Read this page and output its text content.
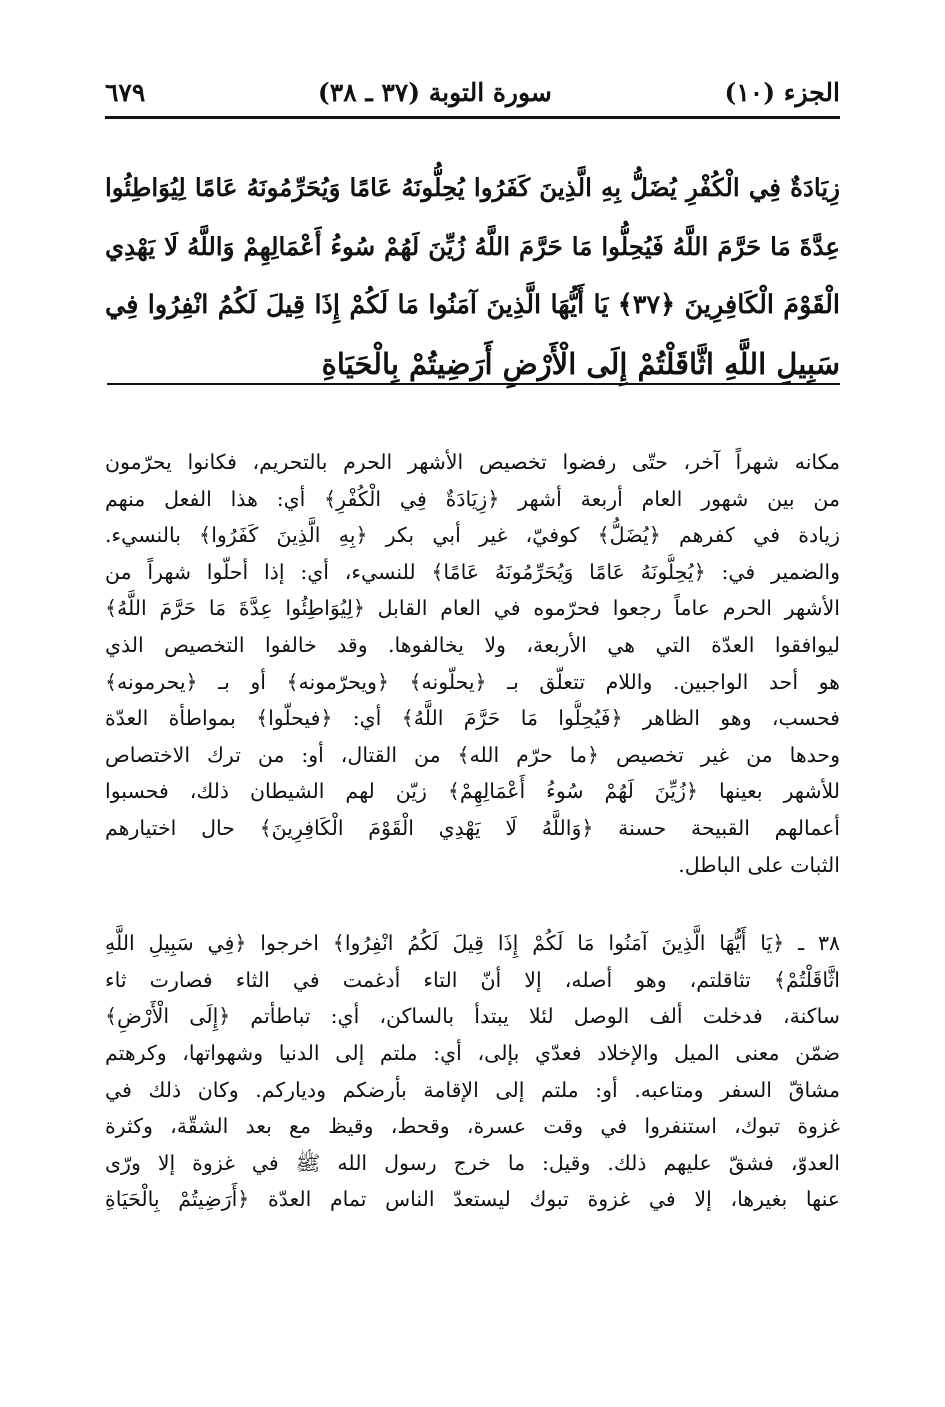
الجزء (١٠)
سورة التوبة (٣٧ ـ ٣٨)
٦٧٩
زِيَادَةٌ فِي الْكُفْرِ يُضَلُّ بِهِ الَّذِينَ كَفَرُوا يُحِلُّونَهُ عَامًا وَيُحَرِّمُونَهُ عَامًا لِيُوَاطِئُوا
عِدَّةَ مَا حَرَّمَ اللَّهُ فَيُحِلُّوا مَا حَرَّمَ اللَّهُ زُيِّنَ لَهُمْ سُوءُ أَعْمَالِهِمْ وَاللَّهُ لَا يَهْدِي
الْقَوْمَ الْكَافِرِينَ ﴿٣٧﴾ يَا أَيُّهَا الَّذِينَ آمَنُوا مَا لَكُمْ إِذَا قِيلَ لَكُمُ انْفِرُوا فِي
سَبِيلِ اللَّهِ اثَّاقَلْتُمْ إِلَى الْأَرْضِ أَرَضِيتُمْ بِالْحَيَاةِ
مكانه شهراً آخر، حتّى رفضوا تخصيص الأشهر الحرم بالتحريم، فكانوا يحرّمون
من بين شهور العام أربعة أشهر ﴿زِيَادَةٌ فِي الْكُفْرِ﴾ أي: هذا الفعل منهم
زيادة في كفرهم ﴿يُضَلُّ﴾ كوفيّ، غير أبي بكر ﴿بِهِ الَّذِينَ كَفَرُوا﴾ بالنسيء.
والضمير في: ﴿يُحِلُّونَهُ عَامًا وَيُحَرِّمُونَهُ عَامًا﴾ للنسيء، أي: إذا أحلّوا شهراً من
الأشهر الحرم عاماً رجعوا فحرّموه في العام القابل ﴿لِيُوَاطِئُوا عِدَّةَ مَا حَرَّمَ اللَّهُ﴾
ليوافقوا العدّة التي هي الأربعة، ولا يخالفوها. وقد خالفوا التخصيص الذي
هو أحد الواجبين. واللام تتعلّق بـ ﴿يحلّونه﴾ ﴿ويحرّمونه﴾ أو بـ ﴿يحرمونه﴾
فحسب، وهو الظاهر ﴿فَيُحِلُّوا مَا حَرَّمَ اللَّهُ﴾ أي: ﴿فيحلّوا﴾ بمواطأة العدّة
وحدها من غير تخصيص ﴿ما حرّم الله﴾ من القتال، أو: من ترك الاختصاص
للأشهر بعينها ﴿زُيِّنَ لَهُمْ سُوءُ أَعْمَالِهِمْ﴾ زيّن لهم الشيطان ذلك، فحسبوا
أعمالهم القبيحة حسنة ﴿وَاللَّهُ لَا يَهْدِي الْقَوْمَ الْكَافِرِينَ﴾ حال اختيارهم
الثبات على الباطل.
٣٨ ـ ﴿يَا أَيُّهَا الَّذِينَ آمَنُوا مَا لَكُمْ إِذَا قِيلَ لَكُمُ انْفِرُوا﴾ اخرجوا ﴿فِي سَبِيلِ اللَّهِ
اثَّاقَلْتُمْ﴾ تثاقلتم، وهو أصله، إلا أنّ التاء أدغمت في الثاء فصارت ثاء
ساكنة، فدخلت ألف الوصل لئلا يبتدأ بالساكن، أي: تباطأتم ﴿إِلَى الْأَرْضِ﴾
ضمّن معنى الميل والإخلاد فعدّي بإلى، أي: ملتم إلى الدنيا وشهواتها، وكرهتم
مشاقّ السفر ومتاعبه. أو: ملتم إلى الإقامة بأرضكم ودياركم. وكان ذلك في
غزوة تبوك، استنفروا في وقت عسرة، وقحط، وقيظ مع بعد الشقّة، وكثرة
العدوّ، فشقّ عليهم ذلك. وقيل: ما خرج رسول الله ﷺ في غزوة إلا ورّى
عنها بغيرها، إلا في غزوة تبوك ليستعدّ الناس تمام العدّة ﴿أَرَضِيتُمْ بِالْحَيَاةِ
